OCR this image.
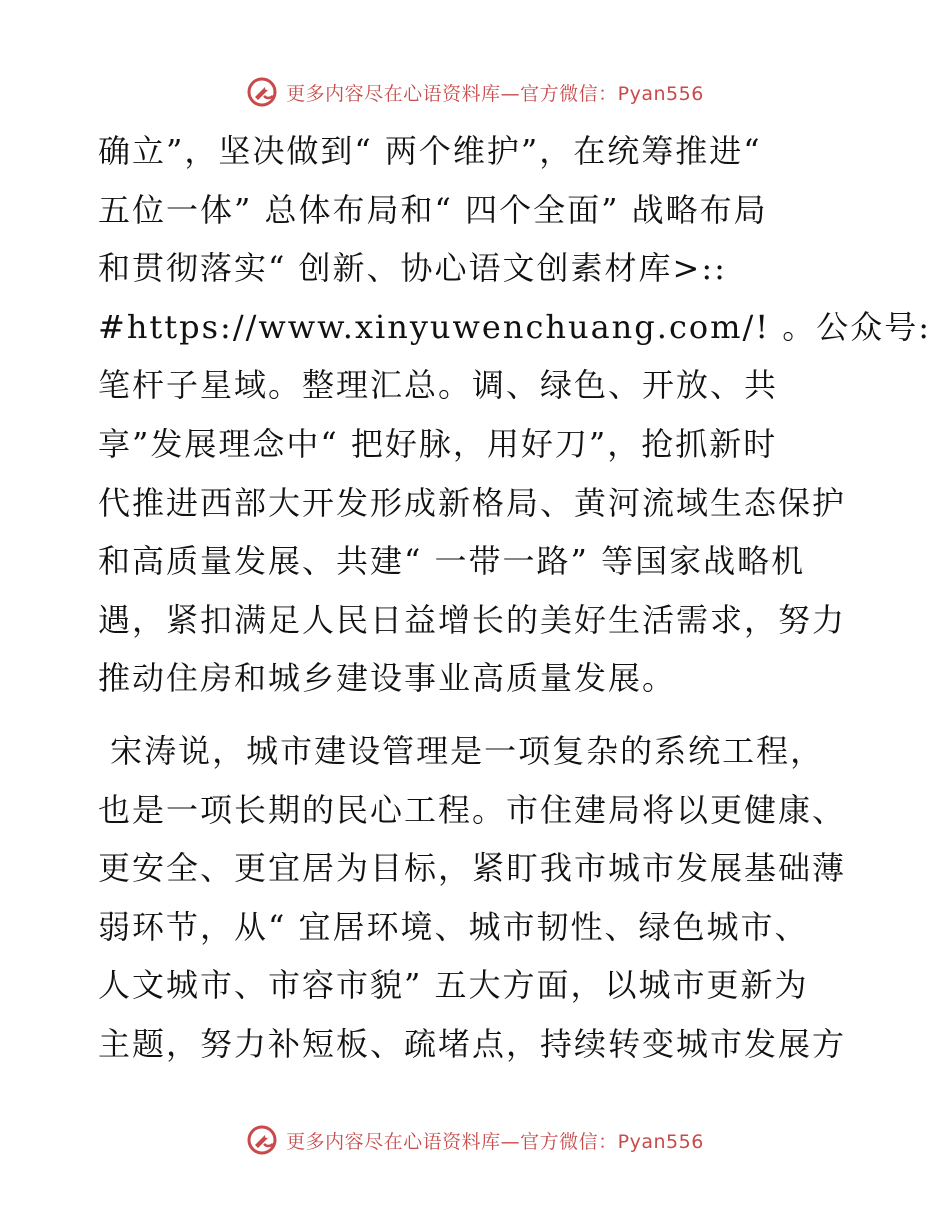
更多内容尽在心语资料库—官方微信：Pyan556
确立”，坚决做到“ 两个维护”，在统筹推进“
五位一体” 总体布局和“ 四个全面” 战略布局
和贯彻落实“ 创新、协心语文创素材库>::
#https://www.xinyuwenchuang.com/! 。公众号:
笔杆子星域。整理汇总。调、绿色、开放、共
享”发展理念中“ 把好脉，用好刀”，抢抓新时
代推进西部大开发形成新格局、黄河流域生态保护
和高质量发展、共建“ 一带一路” 等国家战略机
遇，紧扣满足人民日益增长的美好生活需求，努力
推动住房和城乡建设事业高质量发展。
宋涛说，城市建设管理是一项复杂的系统工程，
也是一项长期的民心工程。市住建局将以更健康、
更安全、更宜居为目标，紧盯我市城市发展基础薄
弱环节，从“ 宜居环境、城市韧性、绿色城市、
人文城市、市容市貌” 五大方面，以城市更新为
主题，努力补短板、疏堵点，持续转变城市发展方
更多内容尽在心语资料库—官方微信：Pyan556
